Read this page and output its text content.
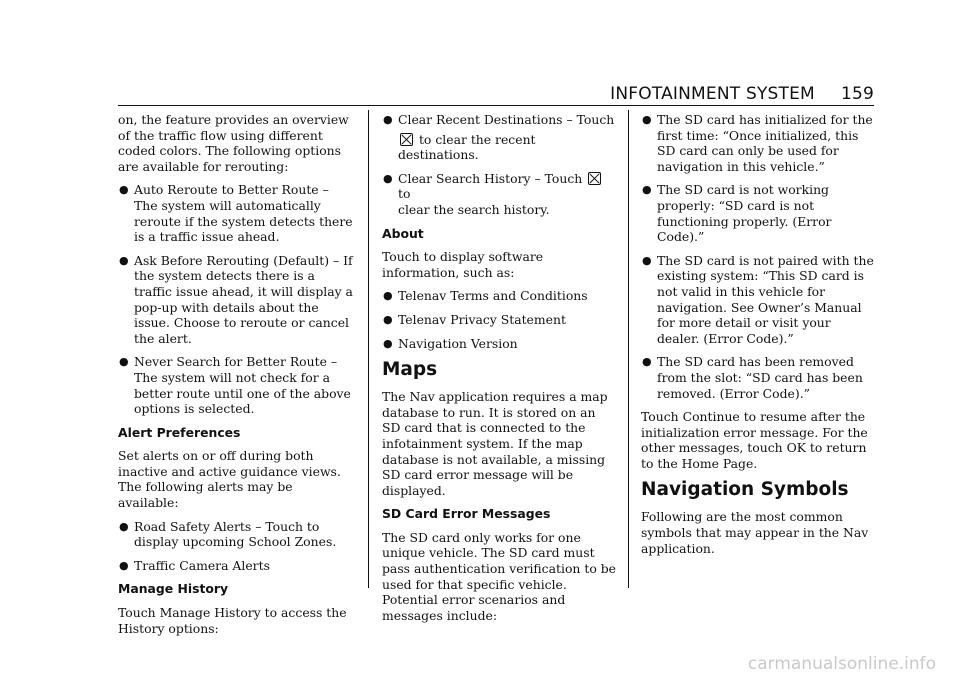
INFOTAINMENT SYSTEM 159

on, the feature provides an overview of the traffic flow using different coded colors. The following options are available for rerouting:

● Auto Reroute to Better Route – The system will automatically reroute if the system detects there is a traffic issue ahead.
● Ask Before Rerouting (Default) – If the system detects there is a traffic issue ahead, it will display a pop-up with details about the issue. Choose to reroute or cancel the alert.
● Never Search for Better Route – The system will not check for a better route until one of the above options is selected.
Alert Preferences

Set alerts on or off during both inactive and active guidance views. The following alerts may be available:

● Road Safety Alerts – Touch to display upcoming School Zones.
● Traffic Camera Alerts
Manage History

Touch Manage History to access the History options:

● Clear Recent Destinations – Touch
to clear the recent destinations.
● Clear Search History – Touch  to
clear the search history.
About

Touch to display software information, such as:

● Telenav Terms and Conditions
● Telenav Privacy Statement
● Navigation Version
Maps

The Nav application requires a map database to run. It is stored on an SD card that is connected to the infotainment system. If the map database is not available, a missing SD card error message will be displayed.

SD Card Error Messages

The SD card only works for one unique vehicle. The SD card must pass authentication verification to be used for that specific vehicle. Potential error scenarios and messages include:

● The SD card has initialized for the first time: “Once initialized, this SD card can only be used for navigation in this vehicle.”
● The SD card is not working properly: “SD card is not functioning properly. (Error Code).”
● The SD card is not paired with the existing system: “This SD card is not valid in this vehicle for navigation. See Owner’s Manual for more detail or visit your dealer. (Error Code).”
● The SD card has been removed from the slot: “SD card has been removed. (Error Code).”

Touch Continue to resume after the initialization error message. For the other messages, touch OK to return to the Home Page.

Navigation Symbols

Following are the most common symbols that may appear in the Nav application.

carmanualsonline.info
